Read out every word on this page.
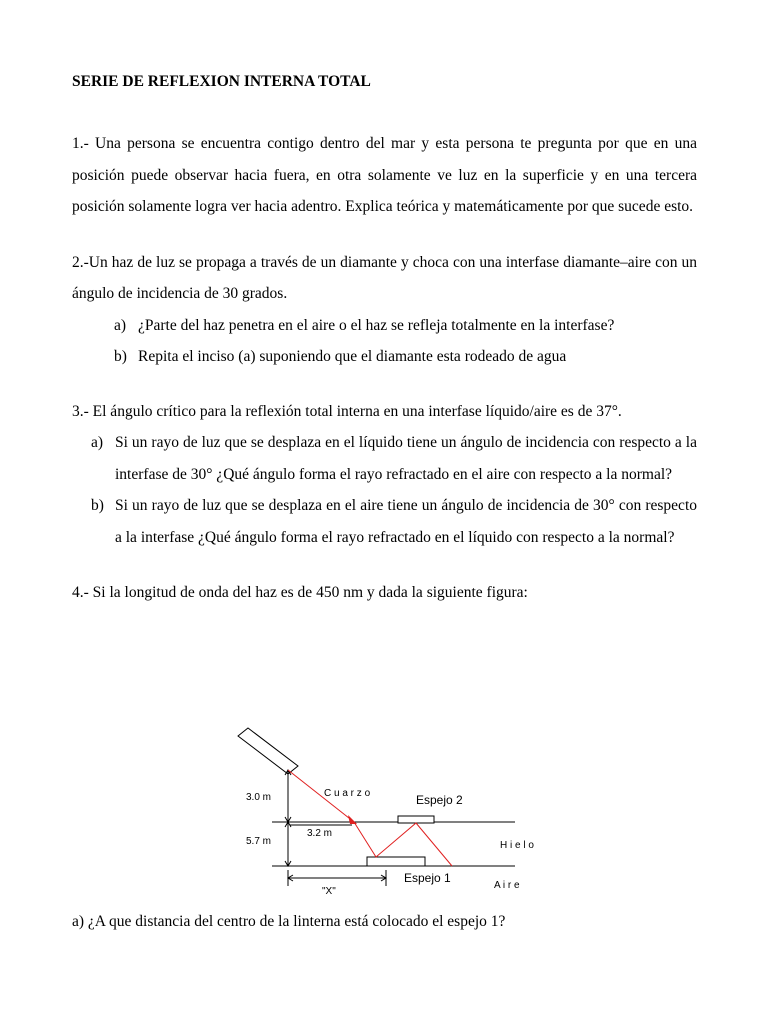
SERIE DE REFLEXION INTERNA TOTAL

1.- Una persona se encuentra contigo dentro del mar y esta persona te pregunta por que en una posición puede observar hacia fuera, en otra solamente ve luz en la superficie y en una tercera posición solamente logra ver hacia adentro. Explica teórica y matemáticamente por que sucede esto.

2.-Un haz de luz se propaga a través de un diamante y choca con una interfase diamante–aire con un ángulo de incidencia de 30 grados.

a) ¿Parte del haz penetra en el aire o el haz se refleja totalmente en la interfase?
b) Repita el inciso (a) suponiendo que el diamante esta rodeado de agua

3.- El ángulo crítico para la reflexión total interna en una interfase líquido/aire es de 37°.

a) Si un rayo de luz que se desplaza en el líquido tiene un ángulo de incidencia con respecto a la interfase de 30° ¿Qué ángulo forma el rayo refractado en el aire con respecto a la normal?
b) Si un rayo de luz que se desplaza en el aire tiene un ángulo de incidencia de 30° con respecto a la interfase ¿Qué ángulo forma el rayo refractado en el líquido con respecto a la normal?

4.- Si la longitud de onda del haz es de 450 nm y dada la siguiente figura:

3.0 m
5.7 m
3.2 m
C u a r z o	Espejo 2
Espejo 1
H i e l o
A i r e
"X"
a) ¿A que distancia del centro de la linterna está colocado el espejo 1?
